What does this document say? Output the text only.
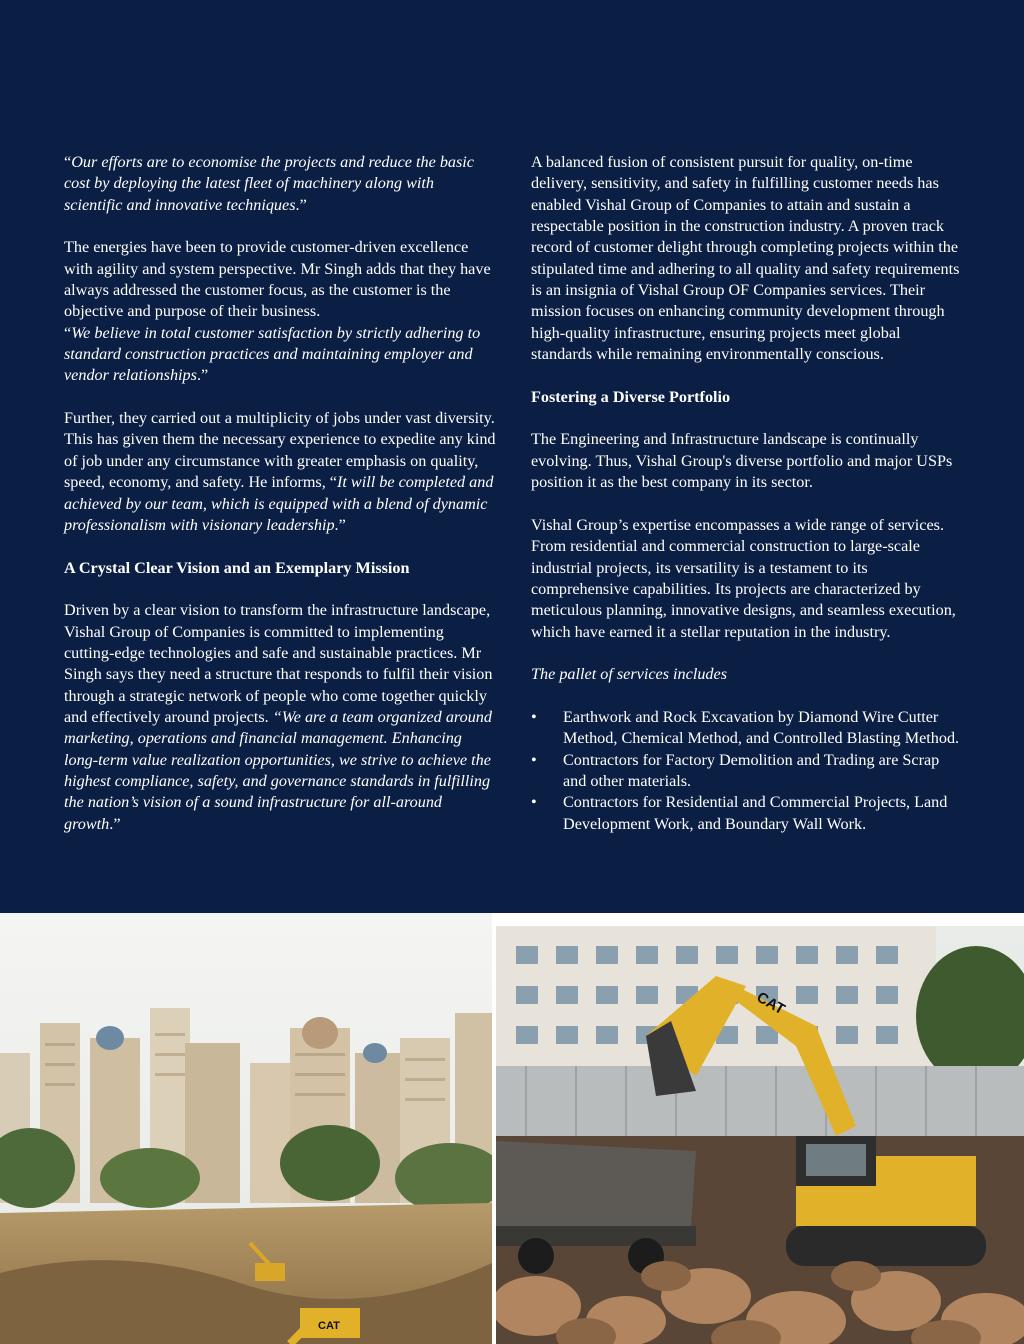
“Our efforts are to economise the projects and reduce the basic cost by deploying the latest fleet of machinery along with scientific and innovative techniques.”

The energies have been to provide customer-driven excellence with agility and system perspective. Mr Singh adds that they have always addressed the customer focus, as the customer is the objective and purpose of their business.
“We believe in total customer satisfaction by strictly adhering to standard construction practices and maintaining employer and vendor relationships.”

Further, they carried out a multiplicity of jobs under vast diversity. This has given them the necessary experience to expedite any kind of job under any circumstance with greater emphasis on quality, speed, economy, and safety. He informs, “It will be completed and achieved by our team, which is equipped with a blend of dynamic professionalism with visionary leadership.”

A Crystal Clear Vision and an Exemplary Mission

Driven by a clear vision to transform the infrastructure landscape, Vishal Group of Companies is committed to implementing cutting-edge technologies and safe and sustainable practices. Mr Singh says they need a structure that responds to fulfil their vision through a strategic network of people who come together quickly and effectively around projects. “We are a team organized around marketing, operations and financial management. Enhancing long-term value realization opportunities, we strive to achieve the highest compliance, safety, and governance standards in fulfilling the nation’s vision of a sound infrastructure for all-around growth.”

A balanced fusion of consistent pursuit for quality, on-time delivery, sensitivity, and safety in fulfilling customer needs has enabled Vishal Group of Companies to attain and sustain a respectable position in the construction industry. A proven track record of customer delight through completing projects within the stipulated time and adhering to all quality and safety requirements is an insignia of Vishal Group OF Companies services. Their mission focuses on enhancing community development through high-quality infrastructure, ensuring projects meet global standards while remaining environmentally conscious.

Fostering a Diverse Portfolio

The Engineering and Infrastructure landscape is continually evolving. Thus, Vishal Group's diverse portfolio and major USPs position it as the best company in its sector.

Vishal Group’s expertise encompasses a wide range of services. From residential and commercial construction to large-scale industrial projects, its versatility is a testament to its comprehensive capabilities. Its projects are characterized by meticulous planning, innovative designs, and seamless execution, which have earned it a stellar reputation in the industry.

The pallet of services includes

• Earthwork and Rock Excavation by Diamond Wire Cutter Method, Chemical Method, and Controlled Blasting Method.
• Contractors for Factory Demolition and Trading are Scrap and other materials.
• Contractors for Residential and Commercial Projects, Land Development Work, and Boundary Wall Work.
CAT
CAT
